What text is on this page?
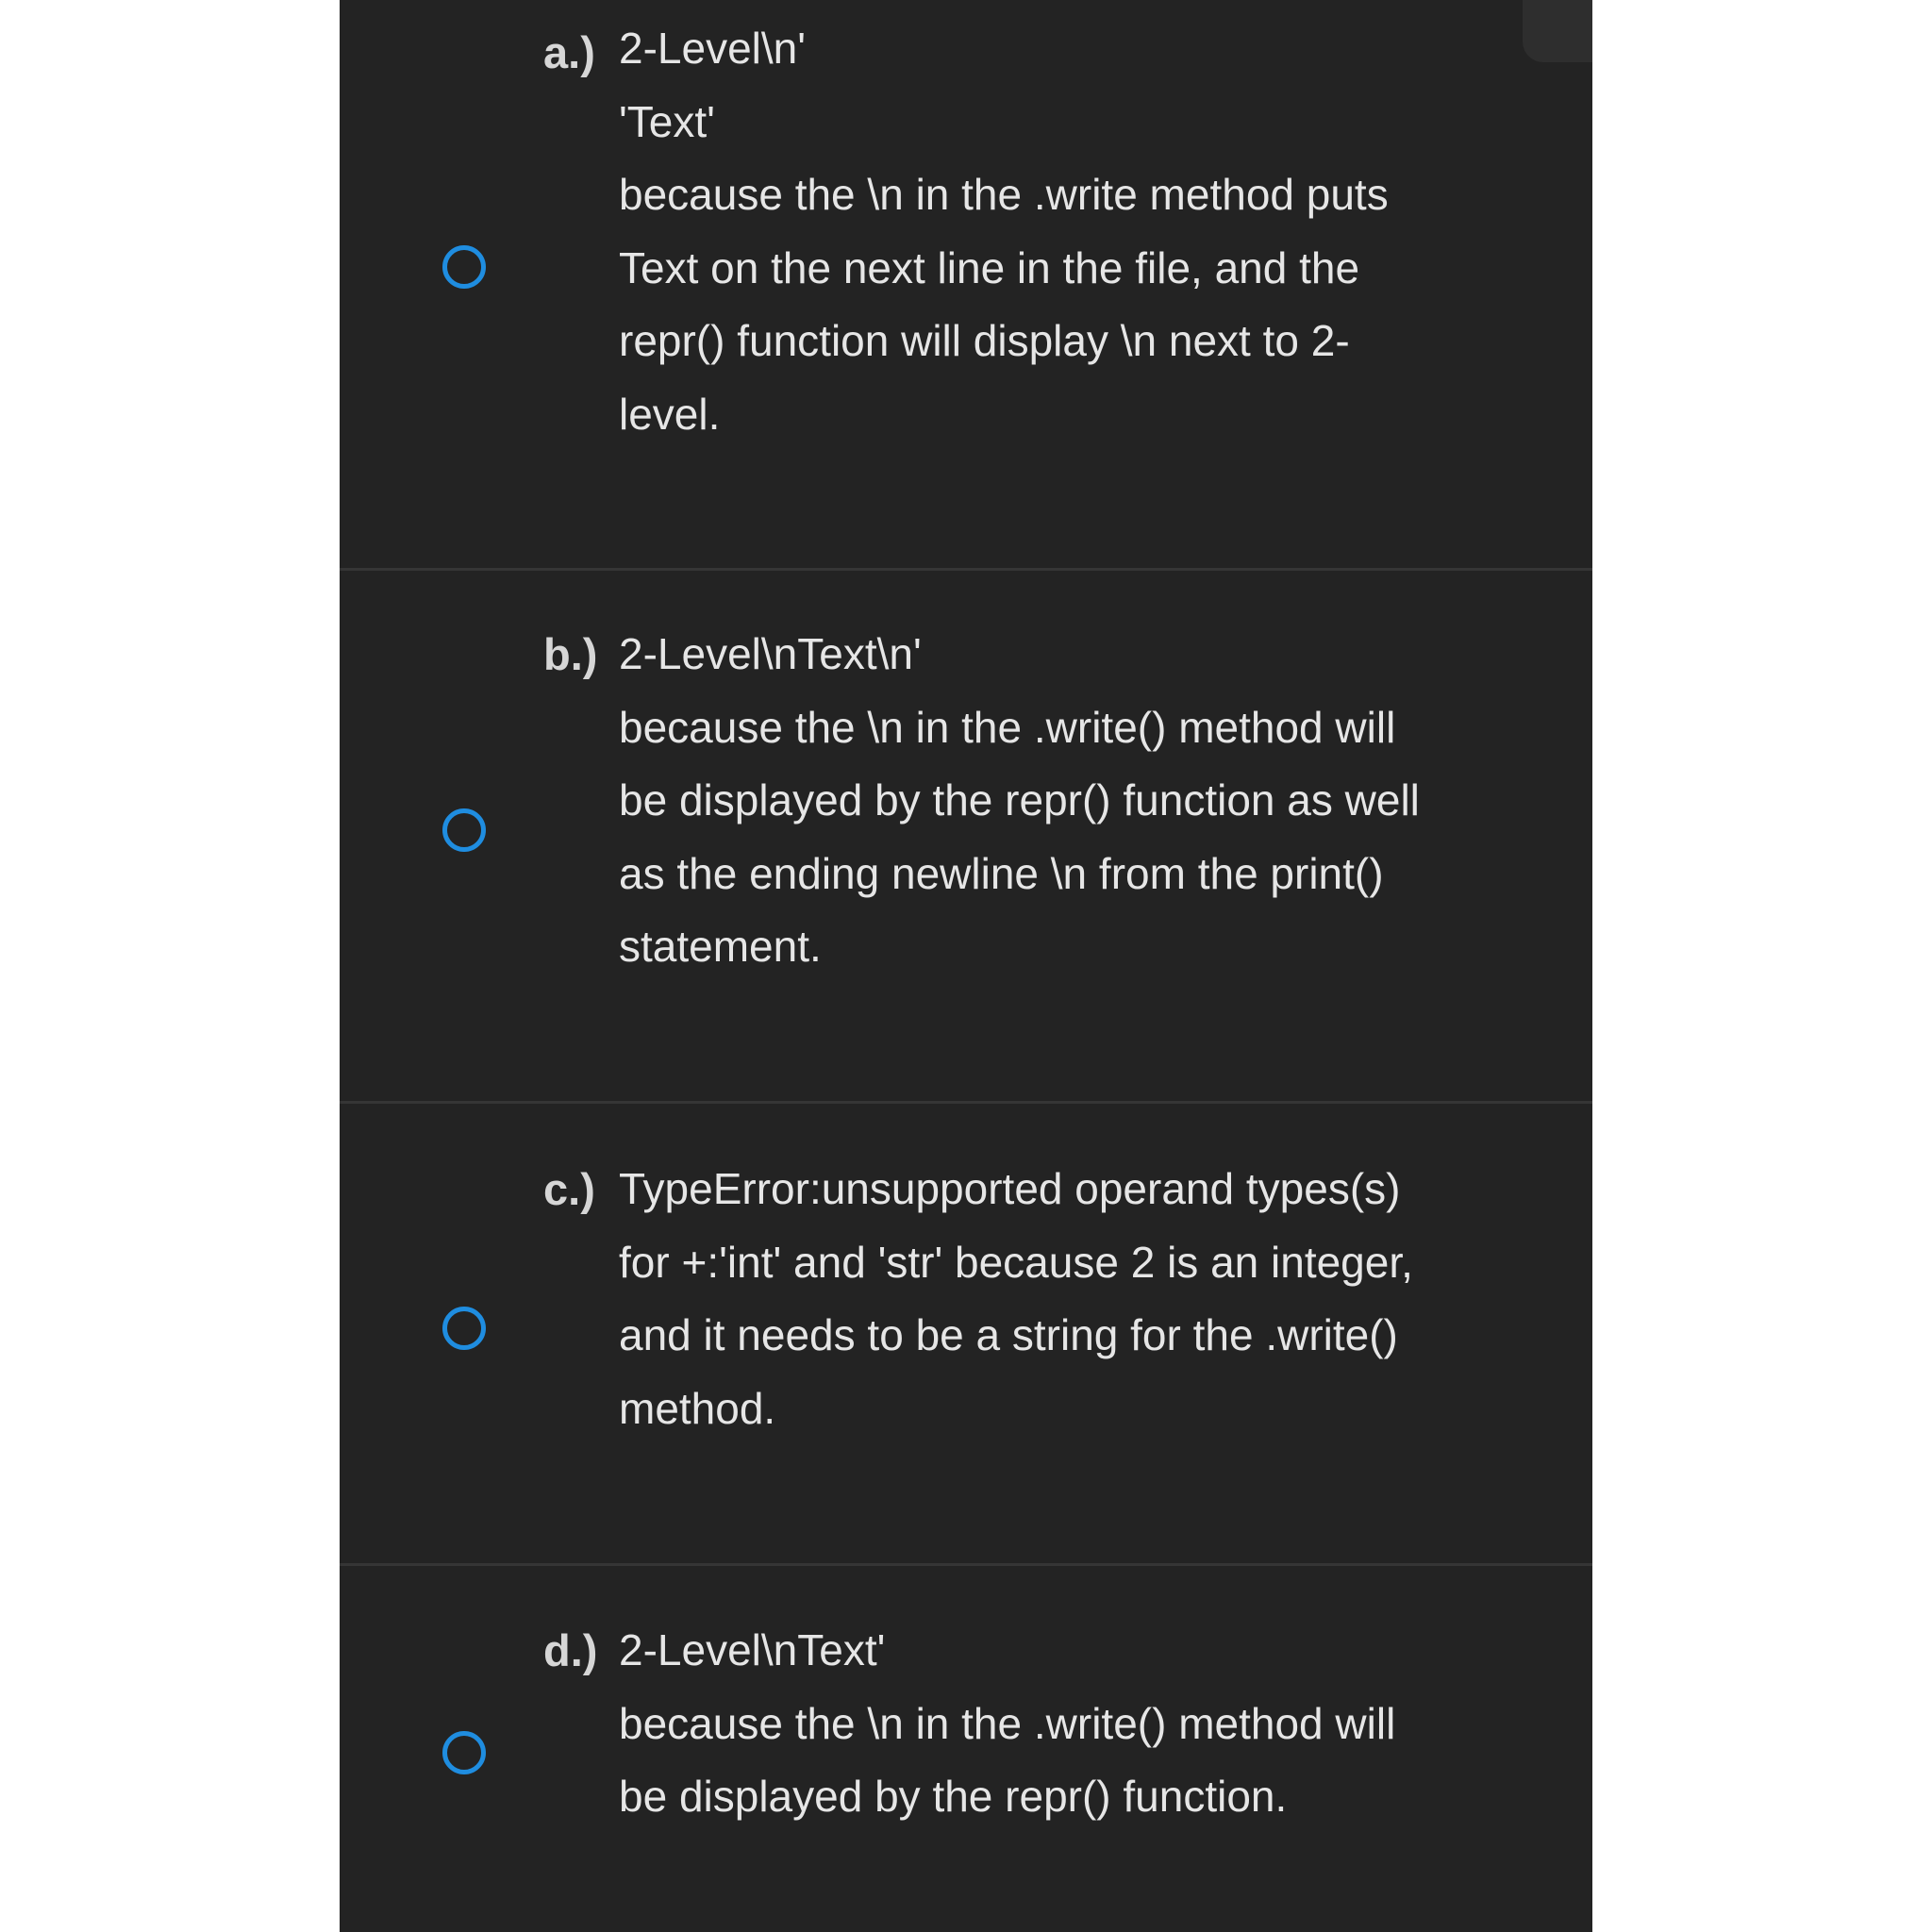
a.) 2-Level\n'
'Text'
because the \n in the .write method puts
Text on the next line in the file, and the
repr() function will display \n next to 2-
level.
b.) 2-Level\nText\n'
because the \n in the .write() method will
be displayed by the repr() function as well
as the ending newline \n from the print()
statement.
c.) TypeError:unsupported operand types(s)
for +:'int' and 'str' because 2 is an integer,
and it needs to be a string for the .write()
method.
d.) 2-Level\nText'
because the \n in the .write() method will
be displayed by the repr() function.
